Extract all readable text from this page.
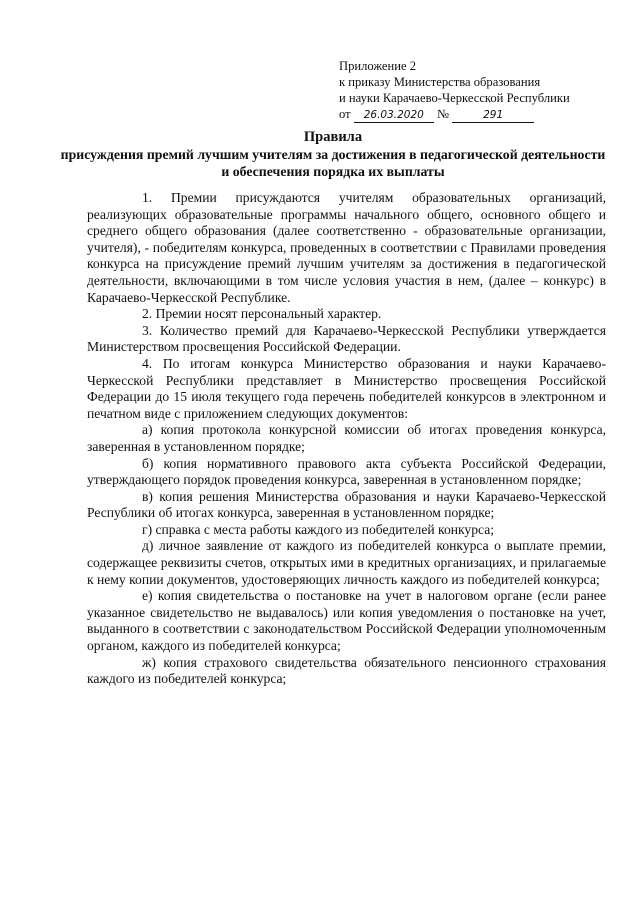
Приложение 2
к приказу Министерства образования
и науки Карачаево-Черкесской Республики
от 26.03.2020 №	291
Правила
присуждения премий лучшим учителям за достижения в педагогической деятельности и обеспечения порядка их выплаты

1. Премии присуждаются учителям образовательных организаций, реализующих образовательные программы начального общего, основного общего и среднего общего образования (далее соответственно - образовательные организации, учителя), - победителям конкурса, проведенных в соответствии с Правилами проведения конкурса на присуждение премий лучшим учителям за достижения в педагогической деятельности, включающими в том числе условия участия в нем, (далее – конкурс) в Карачаево-Черкесской Республике.

2. Премии носят персональный характер.

3. Количество премий для Карачаево-Черкесской Республики утверждается Министерством просвещения Российской Федерации.

4. По итогам конкурса Министерство образования и науки Карачаево-Черкесской Республики представляет в Министерство просвещения Российской Федерации до 15 июля текущего года перечень победителей конкурсов в электронном и печатном виде с приложением следующих документов:

а) копия протокола конкурсной комиссии об итогах проведения конкурса, заверенная в установленном порядке;

б) копия нормативного правового акта субъекта Российской Федерации, утверждающего порядок проведения конкурса, заверенная в установленном порядке;

в) копия решения Министерства образования и науки Карачаево-Черкесской Республики об итогах конкурса, заверенная в установленном порядке;

г) справка с места работы каждого из победителей конкурса;

д) личное заявление от каждого из победителей конкурса о выплате премии, содержащее реквизиты счетов, открытых ими в кредитных организациях, и прилагаемые к нему копии документов, удостоверяющих личность каждого из победителей конкурса;

е) копия свидетельства о постановке на учет в налоговом органе (если ранее указанное свидетельство не выдавалось) или копия уведомления о постановке на учет, выданного в соответствии с законодательством Российской Федерации уполномоченным органом, каждого из победителей конкурса;

ж) копия страхового свидетельства обязательного пенсионного страхования каждого из победителей конкурса;
